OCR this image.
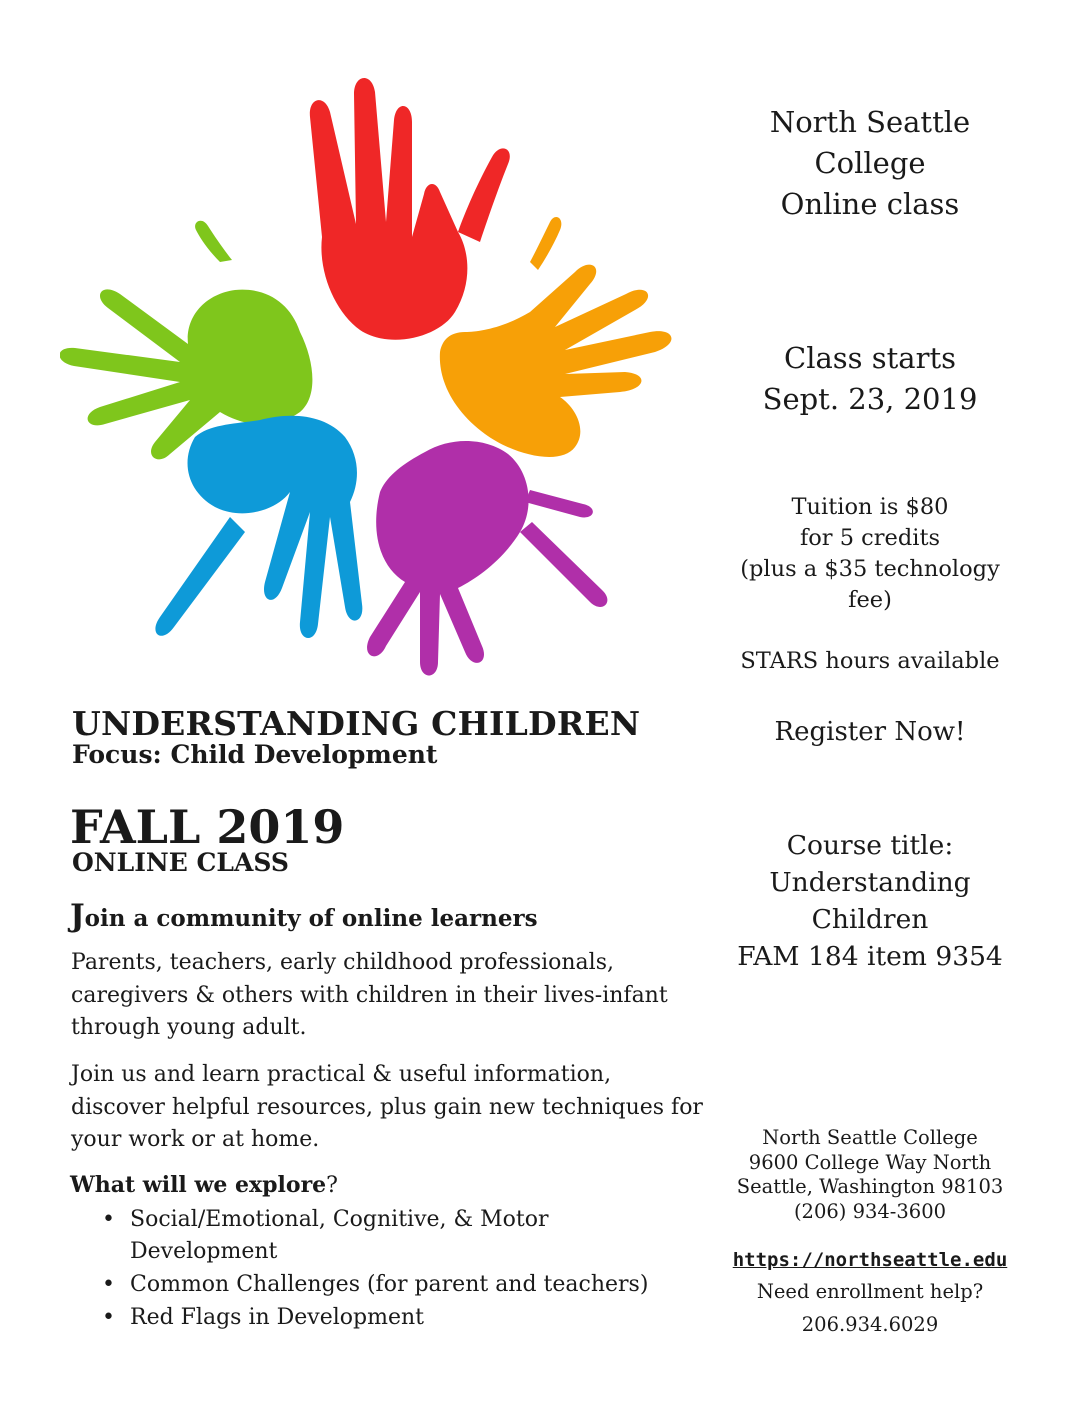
UNDERSTANDING CHILDREN
Focus: Child Development
FALL 2019
ONLINE CLASS
Join a community of online learners
Parents, teachers, early childhood professionals, caregivers & others with children in their lives-infant through young adult.
Join us and learn practical & useful information, discover helpful resources, plus gain new techniques for your work or at home.
What will we explore?
• Social/Emotional, Cognitive, & Motor Development
• Common Challenges (for parent and teachers)
• Red Flags in Development
North Seattle
College
Online class
Class starts
Sept. 23, 2019
Tuition is $80
for 5 credits
(plus a $35 technology
fee)
STARS hours available
Register Now!
Course title:
Understanding
Children
FAM 184 item 9354
North Seattle College
9600 College Way North
Seattle, Washington 98103
(206) 934-3600
https://northseattle.edu
Need enrollment help?
206.934.6029
